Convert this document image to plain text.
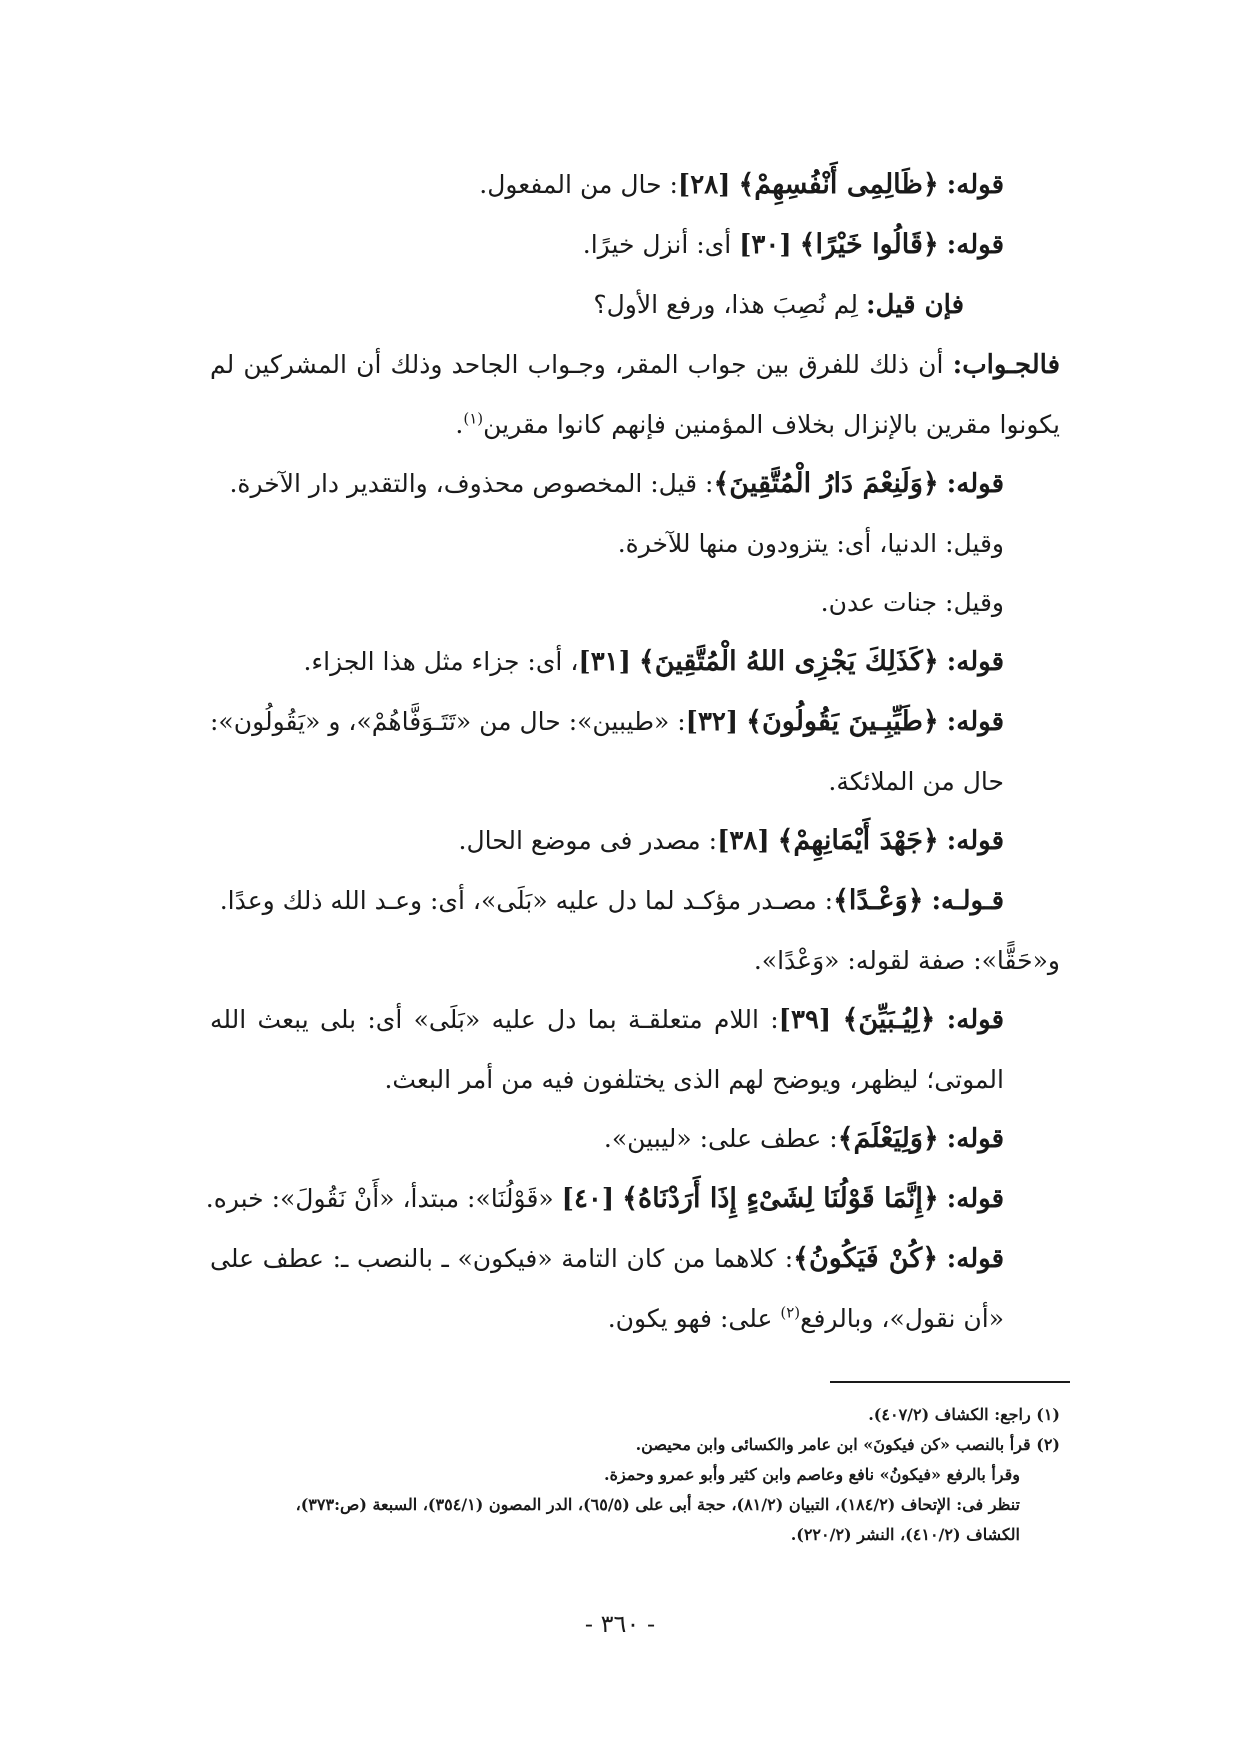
قوله: ﴿ظَالِمِى أَنْفُسِهِمْ﴾ [٢٨]: حال من المفعول.
قوله: ﴿قَالُوا خَيْرًا﴾ [٣٠] أى: أنزل خيرًا.
فإن قيل: لِم نُصِبَ هذا، ورفع الأول؟
فالجـواب: أن ذلك للفرق بين جواب المقر، وجـواب الجاحد وذلك أن المشركين لم يكونوا مقرين بالإنزال بخلاف المؤمنين فإنهم كانوا مقرين$^{(١)}$.
قوله: ﴿وَلَنِعْمَ دَارُ الْمُتَّقِينَ﴾: قيل: المخصوص محذوف، والتقدير دار الآخرة.
وقيل: الدنيا، أى: يتزودون منها للآخرة.
وقيل: جنات عدن.
قوله: ﴿كَذَلِكَ يَجْزِى اللهُ الْمُتَّقِينَ﴾ [٣١]، أى: جزاء مثل هذا الجزاء.
قوله: ﴿طَيِّبِـينَ يَقُولُونَ﴾ [٣٢]: «طيبين»: حال من «تَتَـوَفَّاهُمْ»، و «يَقُولُون»: حال من الملائكة.
قوله: ﴿جَهْدَ أَيْمَانِهِمْ﴾ [٣٨]: مصدر فى موضع الحال.
قـولـه: ﴿وَعْـدًا﴾: مصـدر مؤكـد لما دل عليه «بَلَى»، أى: وعـد الله ذلك وعدًا.
و«حَقًّا»: صفة لقوله: «وَعْدًا».
قوله: ﴿لِيُـبَيِّنَ﴾ [٣٩]: اللام متعلقـة بما دل عليه «بَلَى» أى: بلى يبعث الله الموتى؛ ليظهر، ويوضح لهم الذى يختلفون فيه من أمر البعث.
قوله: ﴿وَلِيَعْلَمَ﴾: عطف على: «ليبين».
قوله: ﴿إِنَّمَا قَوْلُنَا لِشَىْءٍ إِذَا أَرَدْنَاهُ﴾ [٤٠] «قَوْلُنَا»: مبتدأ، «أَنْ نَقُولَ»: خبره.
قوله: ﴿كُنْ فَيَكُونُ﴾: كلاهما من كان التامة «فيكون» ـ بالنصب ـ: عطف على «أن نقول»، وبالرفع$^{(٢)}$ على: فهو يكون.
(١) راجع: الكشاف (٤٠٧/٢).
(٢) قرأ بالنصب «كن فيكونَ» ابن عامر والكسائى وابن محيصن.
وقرأ بالرفع «فيكونُ» نافع وعاصم وابن كثير وأبو عمرو وحمزة.
تنظر فى: الإتحاف (١٨٤/٢)، التبيان (٨١/٢)، حجة أبى على (٦٥/٥)، الدر المصون (٣٥٤/١)، السبعة (ص:٣٧٣)،
الكشاف (٤١٠/٢)، النشر (٢٢٠/٢).
- ٣٦٠ -
